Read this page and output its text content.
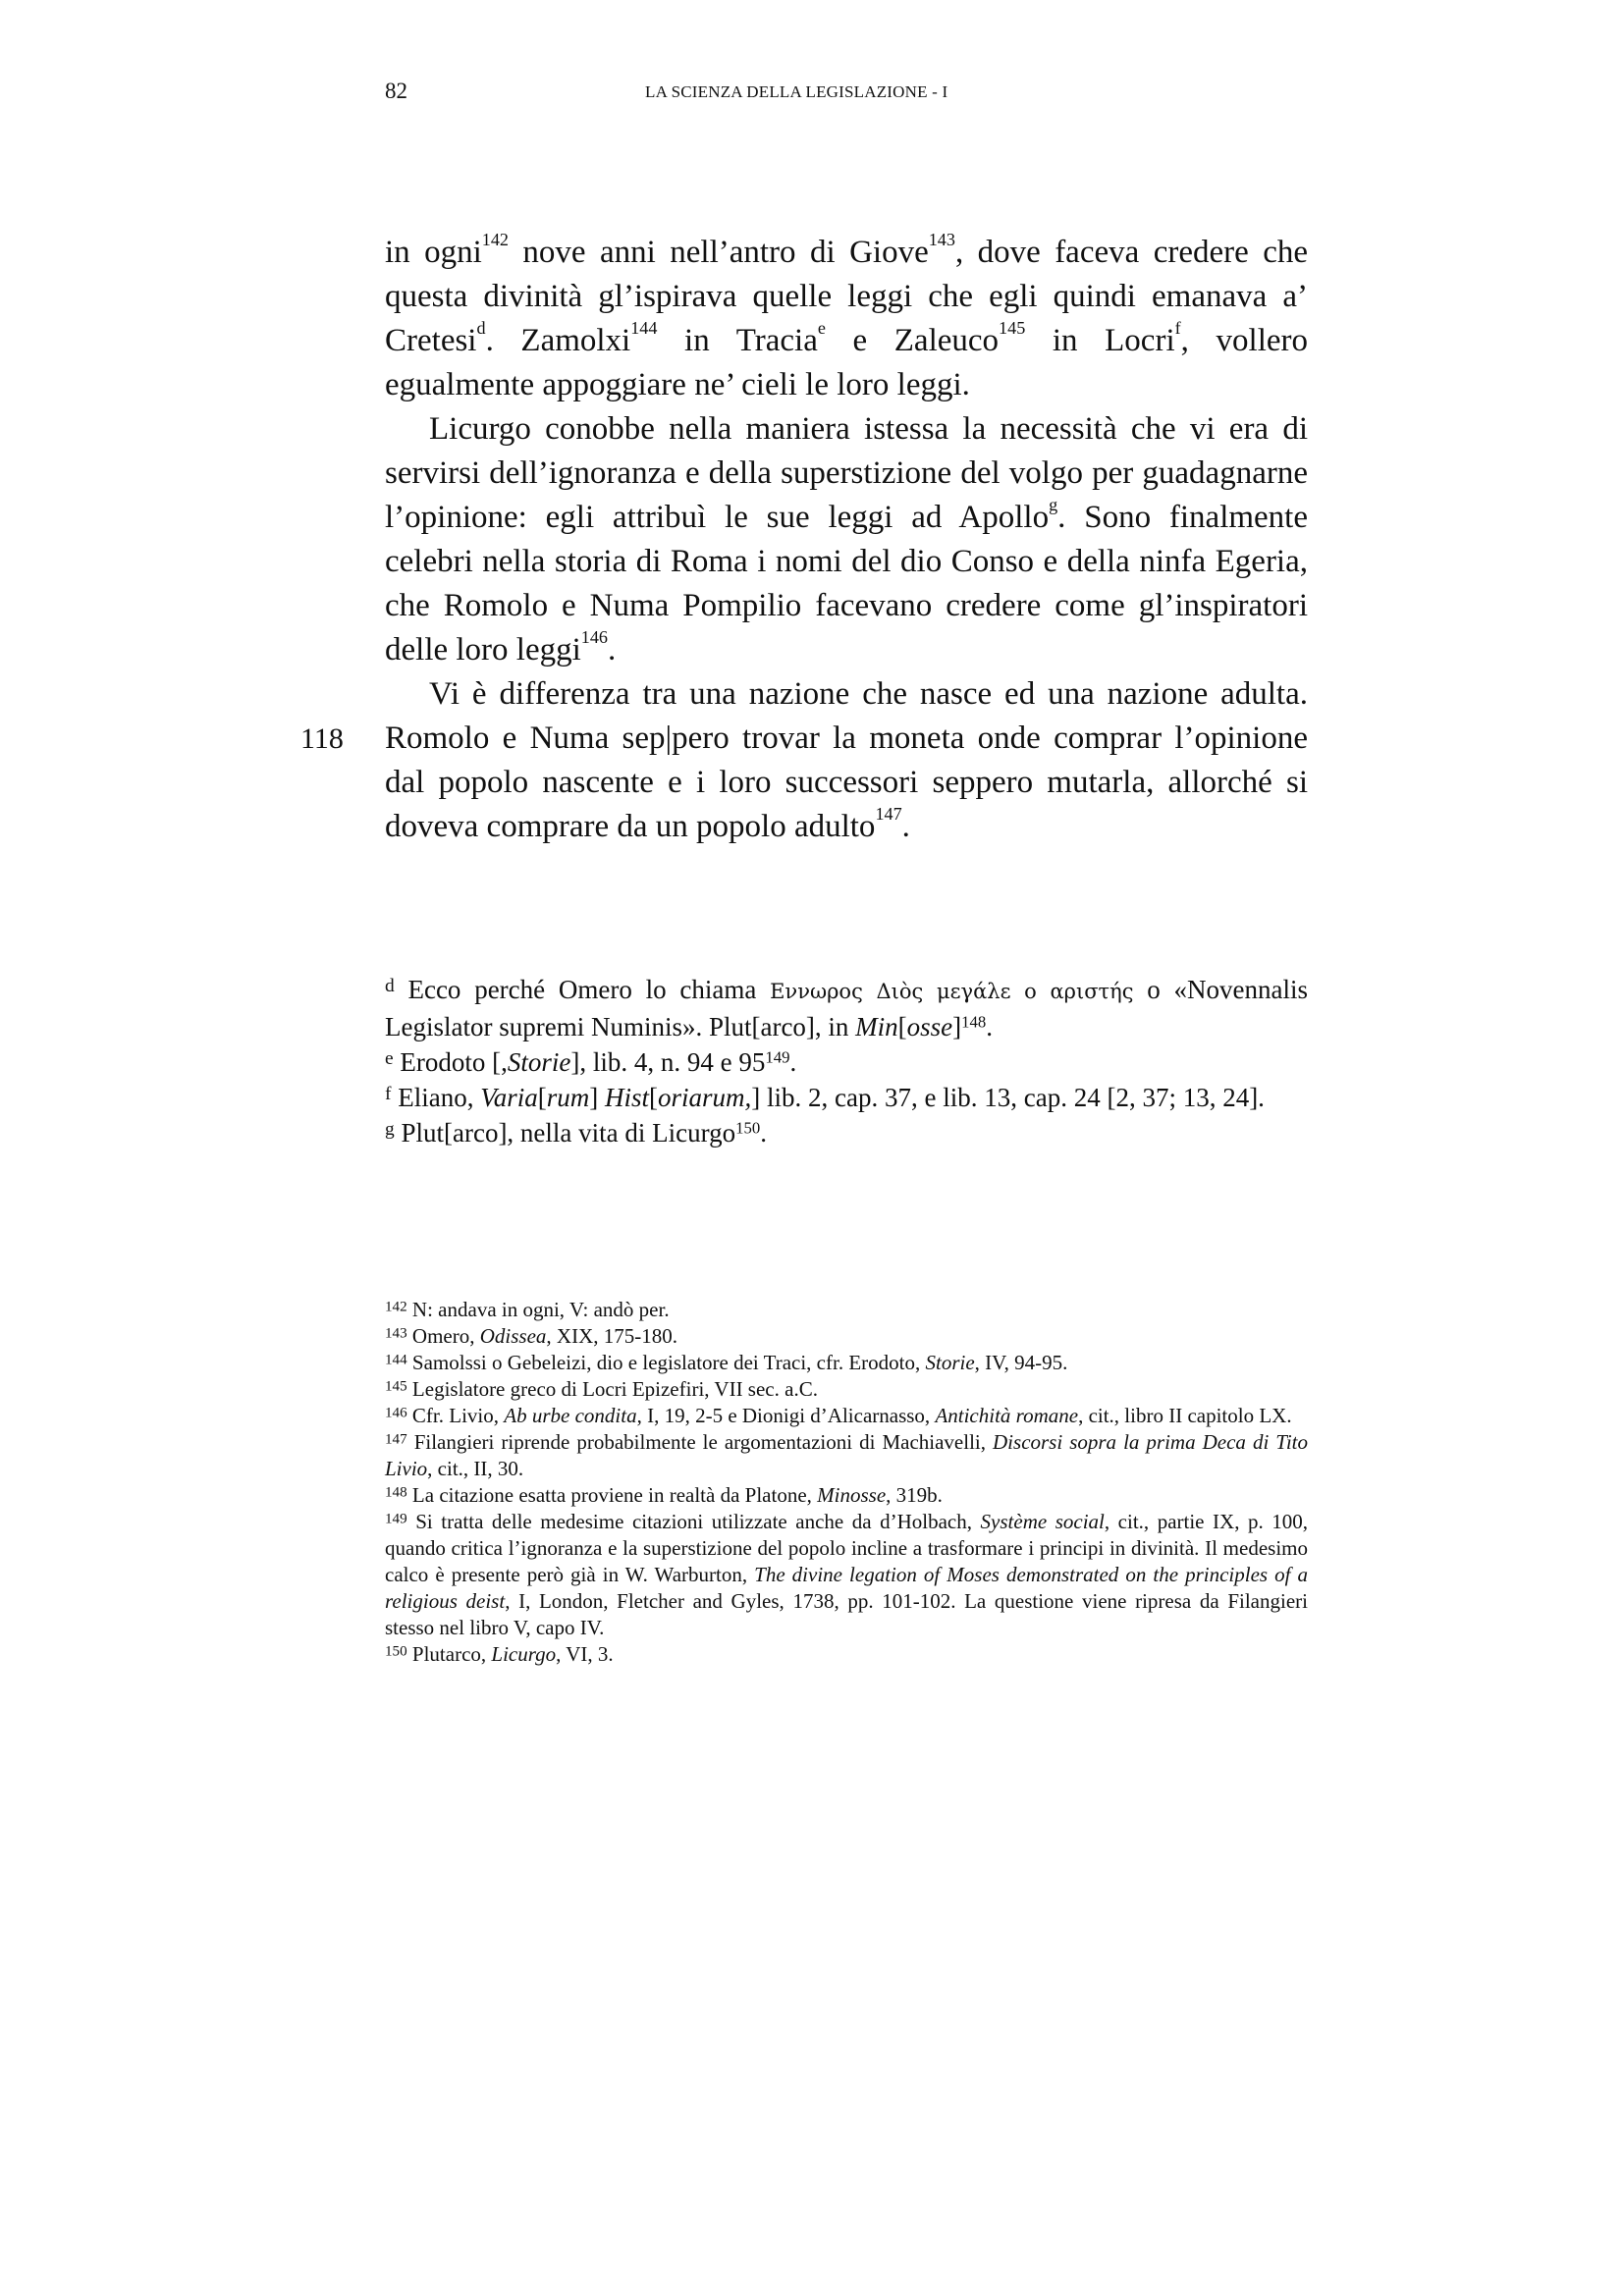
82	LA SCIENZA DELLA LEGISLAZIONE - I
118

in ogni$^{142}$ nove anni nell’antro di Giove$^{143}$, dove faceva credere che questa divinità gl’ispirava quelle leggi che egli quindi emanava a’ Cretesi$^d$. Zamolxi$^{144}$ in Tracia$^e$ e Zaleuco$^{145}$ in Locri$^f$, vollero egualmente appoggiare ne’ cieli le loro leggi.

Licurgo conobbe nella maniera istessa la necessità che vi era di servirsi dell’ignoranza e della superstizione del volgo per guadagnarne l’opinione: egli attribuì le sue leggi ad Apollo$^g$. Sono finalmente celebri nella storia di Roma i nomi del dio Conso e della ninfa Egeria, che Romolo e Numa Pompilio facevano credere come gl’inspiratori delle loro leggi$^{146}$.

Vi è differenza tra una nazione che nasce ed una nazione adulta. Romolo e Numa sep|pero trovar la moneta onde comprar l’opinione dal popolo nascente e i loro successori seppero mutarla, allorché si doveva comprare da un popolo adulto$^{147}$.

$^d$ Ecco perché Omero lo chiama Εννωρος Διὸς μεγάλε ο αριστής o «Novennalis Legislator supremi Numinis». Plut[arco], in Min[osse]$^{148}$.

$^e$ Erodoto [,Storie], lib. 4, n. 94 e 95$^{149}$.

$^f$ Eliano, Varia[rum] Hist[oriarum,] lib. 2, cap. 37, e lib. 13, cap. 24 [2, 37; 13, 24].

$^g$ Plut[arco], nella vita di Licurgo$^{150}$.

$^{142}$ N: andava in ogni, V: andò per.

$^{143}$ Omero, Odissea, XIX, 175-180.

$^{144}$ Samolssi o Gebeleizi, dio e legislatore dei Traci, cfr. Erodoto, Storie, IV, 94-95.

$^{145}$ Legislatore greco di Locri Epizefiri, VII sec. a.C.

$^{146}$ Cfr. Livio, Ab urbe condita, I, 19, 2-5 e Dionigi d’Alicarnasso, Antichità romane, cit., libro II capitolo LX.

$^{147}$ Filangieri riprende probabilmente le argomentazioni di Machiavelli, Discorsi sopra la prima Deca di Tito Livio, cit., II, 30.

$^{148}$ La citazione esatta proviene in realtà da Platone, Minosse, 319b.

$^{149}$ Si tratta delle medesime citazioni utilizzate anche da d’Holbach, Système social, cit., partie IX, p. 100, quando critica l’ignoranza e la superstizione del popolo incline a trasformare i principi in divinità. Il medesimo calco è presente però già in W. Warburton, The divine legation of Moses demonstrated on the principles of a religious deist, I, London, Fletcher and Gyles, 1738, pp. 101-102. La questione viene ripresa da Filangieri stesso nel libro V, capo IV.

$^{150}$ Plutarco, Licurgo, VI, 3.
